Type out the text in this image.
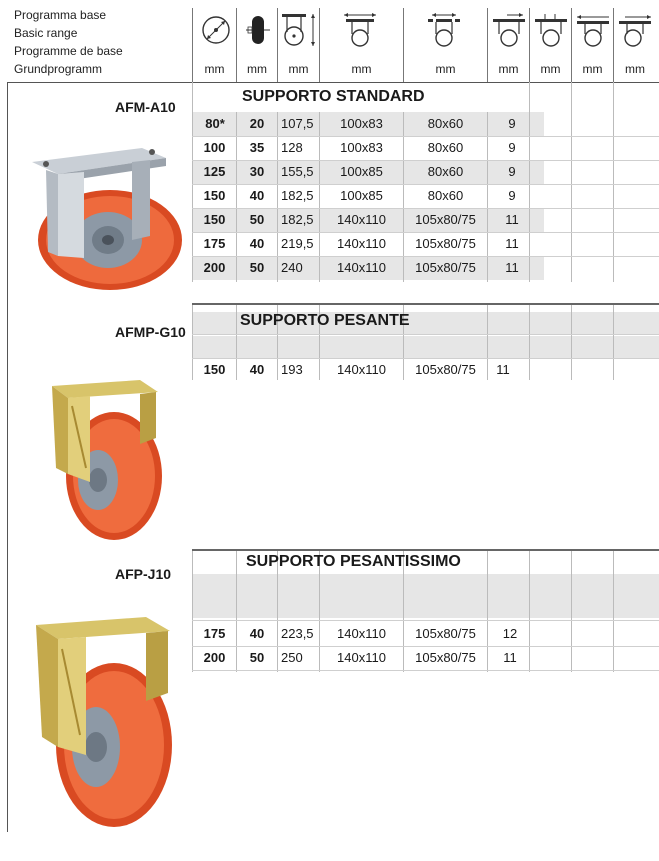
Programma base
Basic range
Programme de base
Grundprogramm	mm	mm	mm	mm	mm	mm	mm	mm	mm
AFM-A10
SUPPORTO STANDARD
80*	20	107,5	100x83	80x60	9
100	35	128	100x83	80x60	9
125	30	155,5	100x85	80x60	9
150	40	182,5	100x85	80x60	9
150	50	182,5	140x110	105x80/75	11
175	40	219,5	140x110	105x80/75	11
200	50	240	140x110	105x80/75	11
AFMP-G10
SUPPORTO PESANTE
150	40	193	140x110	105x80/75	11
AFP-J10
SUPPORTO PESANTISSIMO
175	40	223,5	140x110	105x80/75	12
200	50	250	140x110	105x80/75	11
